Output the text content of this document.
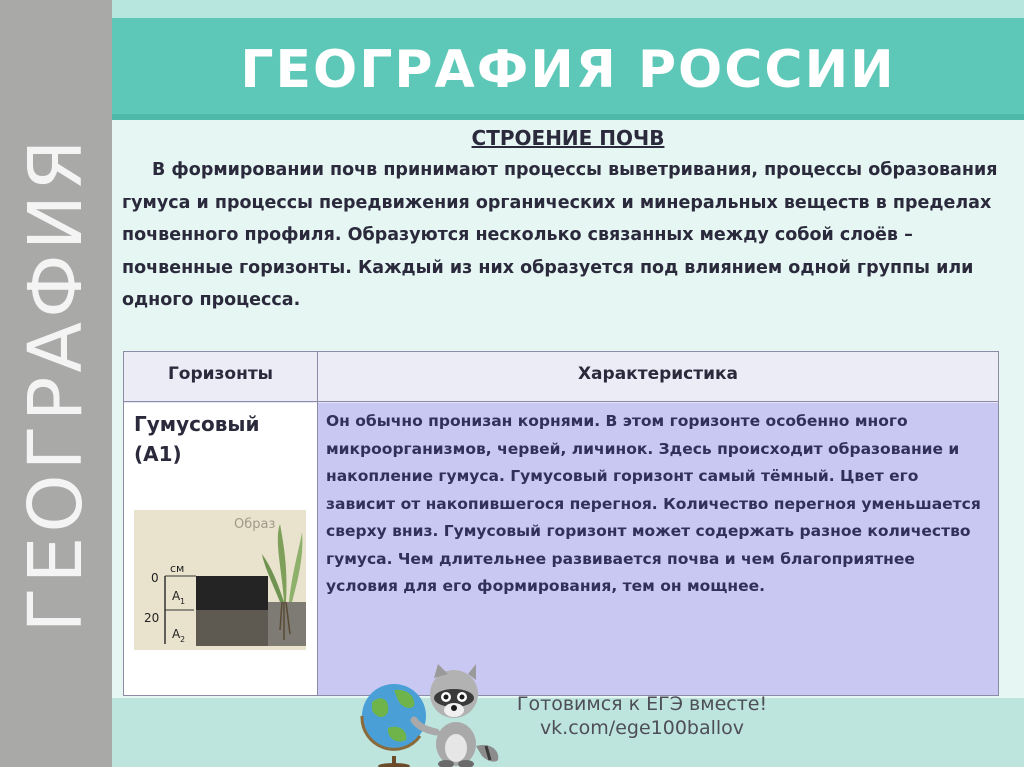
ГЕОГРАФИЯ
ГЕОГРАФИЯ РОССИИ
СТРОЕНИЕ ПОЧВ
В формировании почв принимают процессы выветривания, процессы образования гумуса и процессы передвижения органических и минеральных веществ в пределах почвенного профиля. Образуются несколько связанных между собой слоёв – почвенные горизонты. Каждый из них образуется под влиянием одной группы или одного процесса.
Горизонты	Характеристика
Гумусовый (А1)
Он обычно пронизан корнями. В этом горизонте особенно много микроорганизмов, червей, личинок. Здесь происходит образование и накопление гумуса. Гумусовый горизонт самый тёмный. Цвет его зависит от накопившегося перегноя. Количество перегноя уменьшается сверху вниз. Гумусовый горизонт может содержать разное количество гумуса. Чем длительнее развивается почва и чем благоприятнее условия для его формирования, тем он мощнее.
Образ
см
0
20
A 1
A 2
Готовимся к ЕГЭ вместе!
vk.com/ege100ballov
